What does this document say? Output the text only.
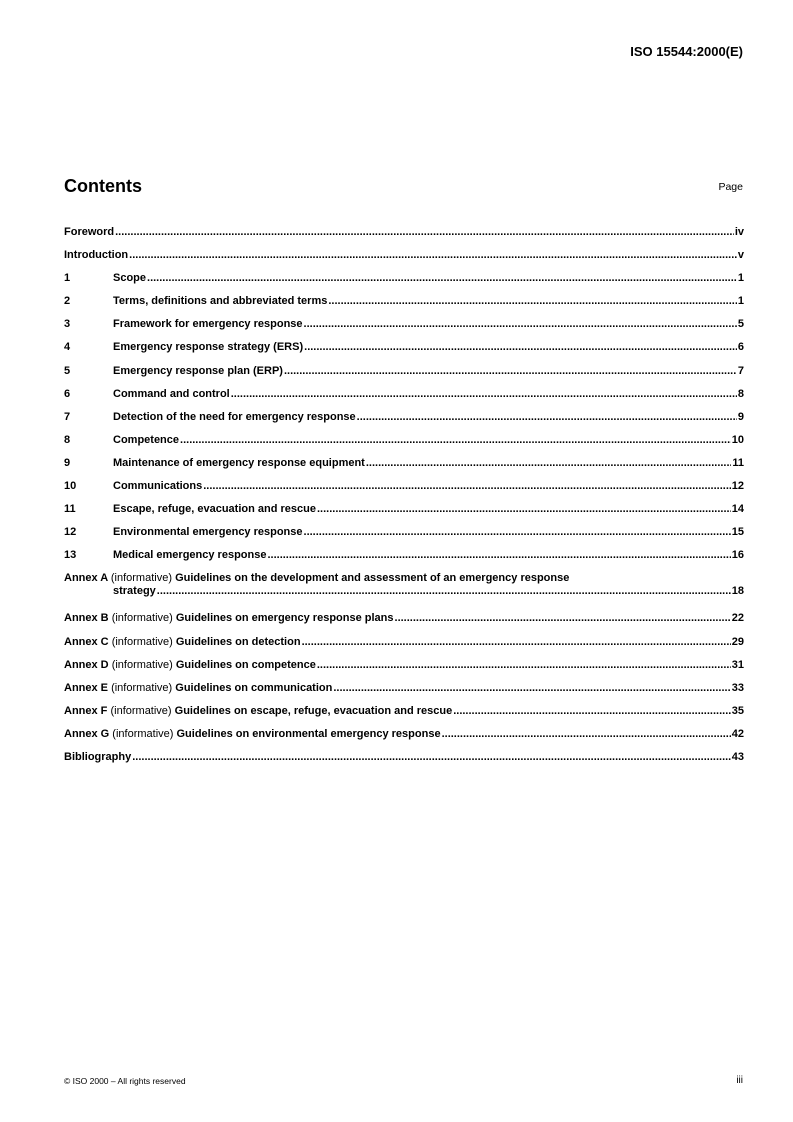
ISO 15544:2000(E)
Contents	Page
Foreword .....	iv
Introduction .....	v
1	Scope .....	1
2	Terms, definitions and abbreviated terms .....	1
3	Framework for emergency response .....	5
4	Emergency response strategy (ERS) .....	6
5	Emergency response plan (ERP) .....	7
6	Command and control .....	8
7	Detection of the need for emergency response .....	9
8	Competence .....	10
9	Maintenance of emergency response equipment .....	11
10	Communications .....	12
11	Escape, refuge, evacuation and rescue .....	14
12	Environmental emergency response .....	15
13	Medical emergency response .....	16
Annex A (informative) Guidelines on the development and assessment of an emergency response
strategy .....	18
Annex B (informative) Guidelines on emergency response plans .....	22
Annex C (informative) Guidelines on detection .....	29
Annex D (informative) Guidelines on competence .....	31
Annex E (informative) Guidelines on communication .....	33
Annex F (informative) Guidelines on escape, refuge, evacuation and rescue .....	35
Annex G (informative) Guidelines on environmental emergency response .....	42
Bibliography .....	43
© ISO 2000 – All rights reserved	iii
